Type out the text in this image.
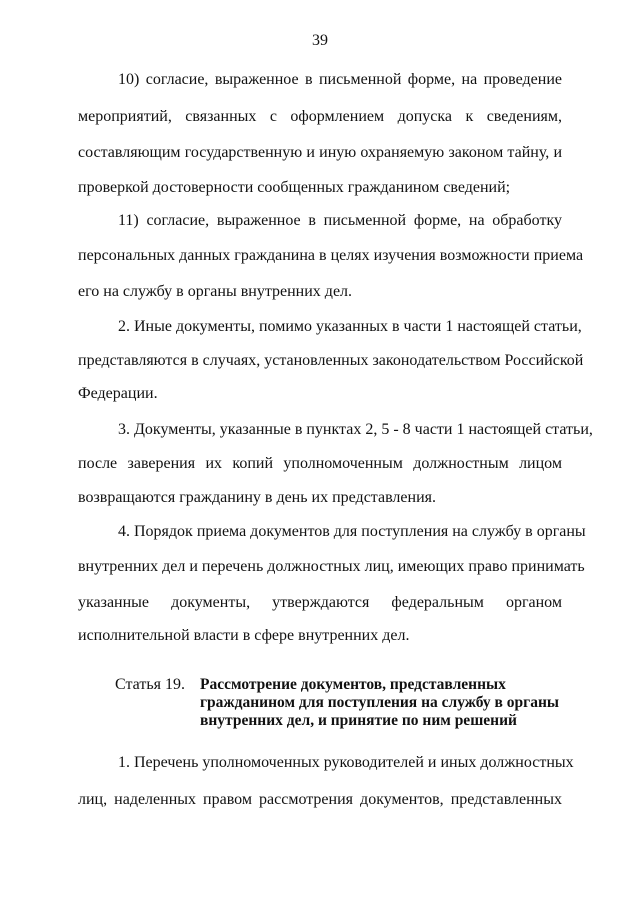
39
10) согласие, выраженное в письменной форме, на проведение
мероприятий, связанных с оформлением допуска к сведениям,
составляющим государственную и иную охраняемую законом тайну, и
проверкой достоверности сообщенных гражданином сведений;
11) согласие, выраженное в письменной форме, на обработку
персональных данных гражданина в целях изучения возможности приема
его на службу в органы внутренних дел.
2. Иные документы, помимо указанных в части 1 настоящей статьи,
представляются в случаях, установленных законодательством Российской
Федерации.
3. Документы, указанные в пунктах 2, 5 - 8 части 1 настоящей статьи,
после заверения их копий уполномоченным должностным лицом
возвращаются гражданину в день их представления.
4. Порядок приема документов для поступления на службу в органы
внутренних дел и перечень должностных лиц, имеющих право принимать
указанные документы, утверждаются федеральным органом
исполнительной власти в сфере внутренних дел.
Статья 19. Рассмотрение документов, представленных
гражданином для поступления на службу в органы
внутренних дел, и принятие по ним решений
1. Перечень уполномоченных руководителей и иных должностных
лиц, наделенных правом рассмотрения документов, представленных
